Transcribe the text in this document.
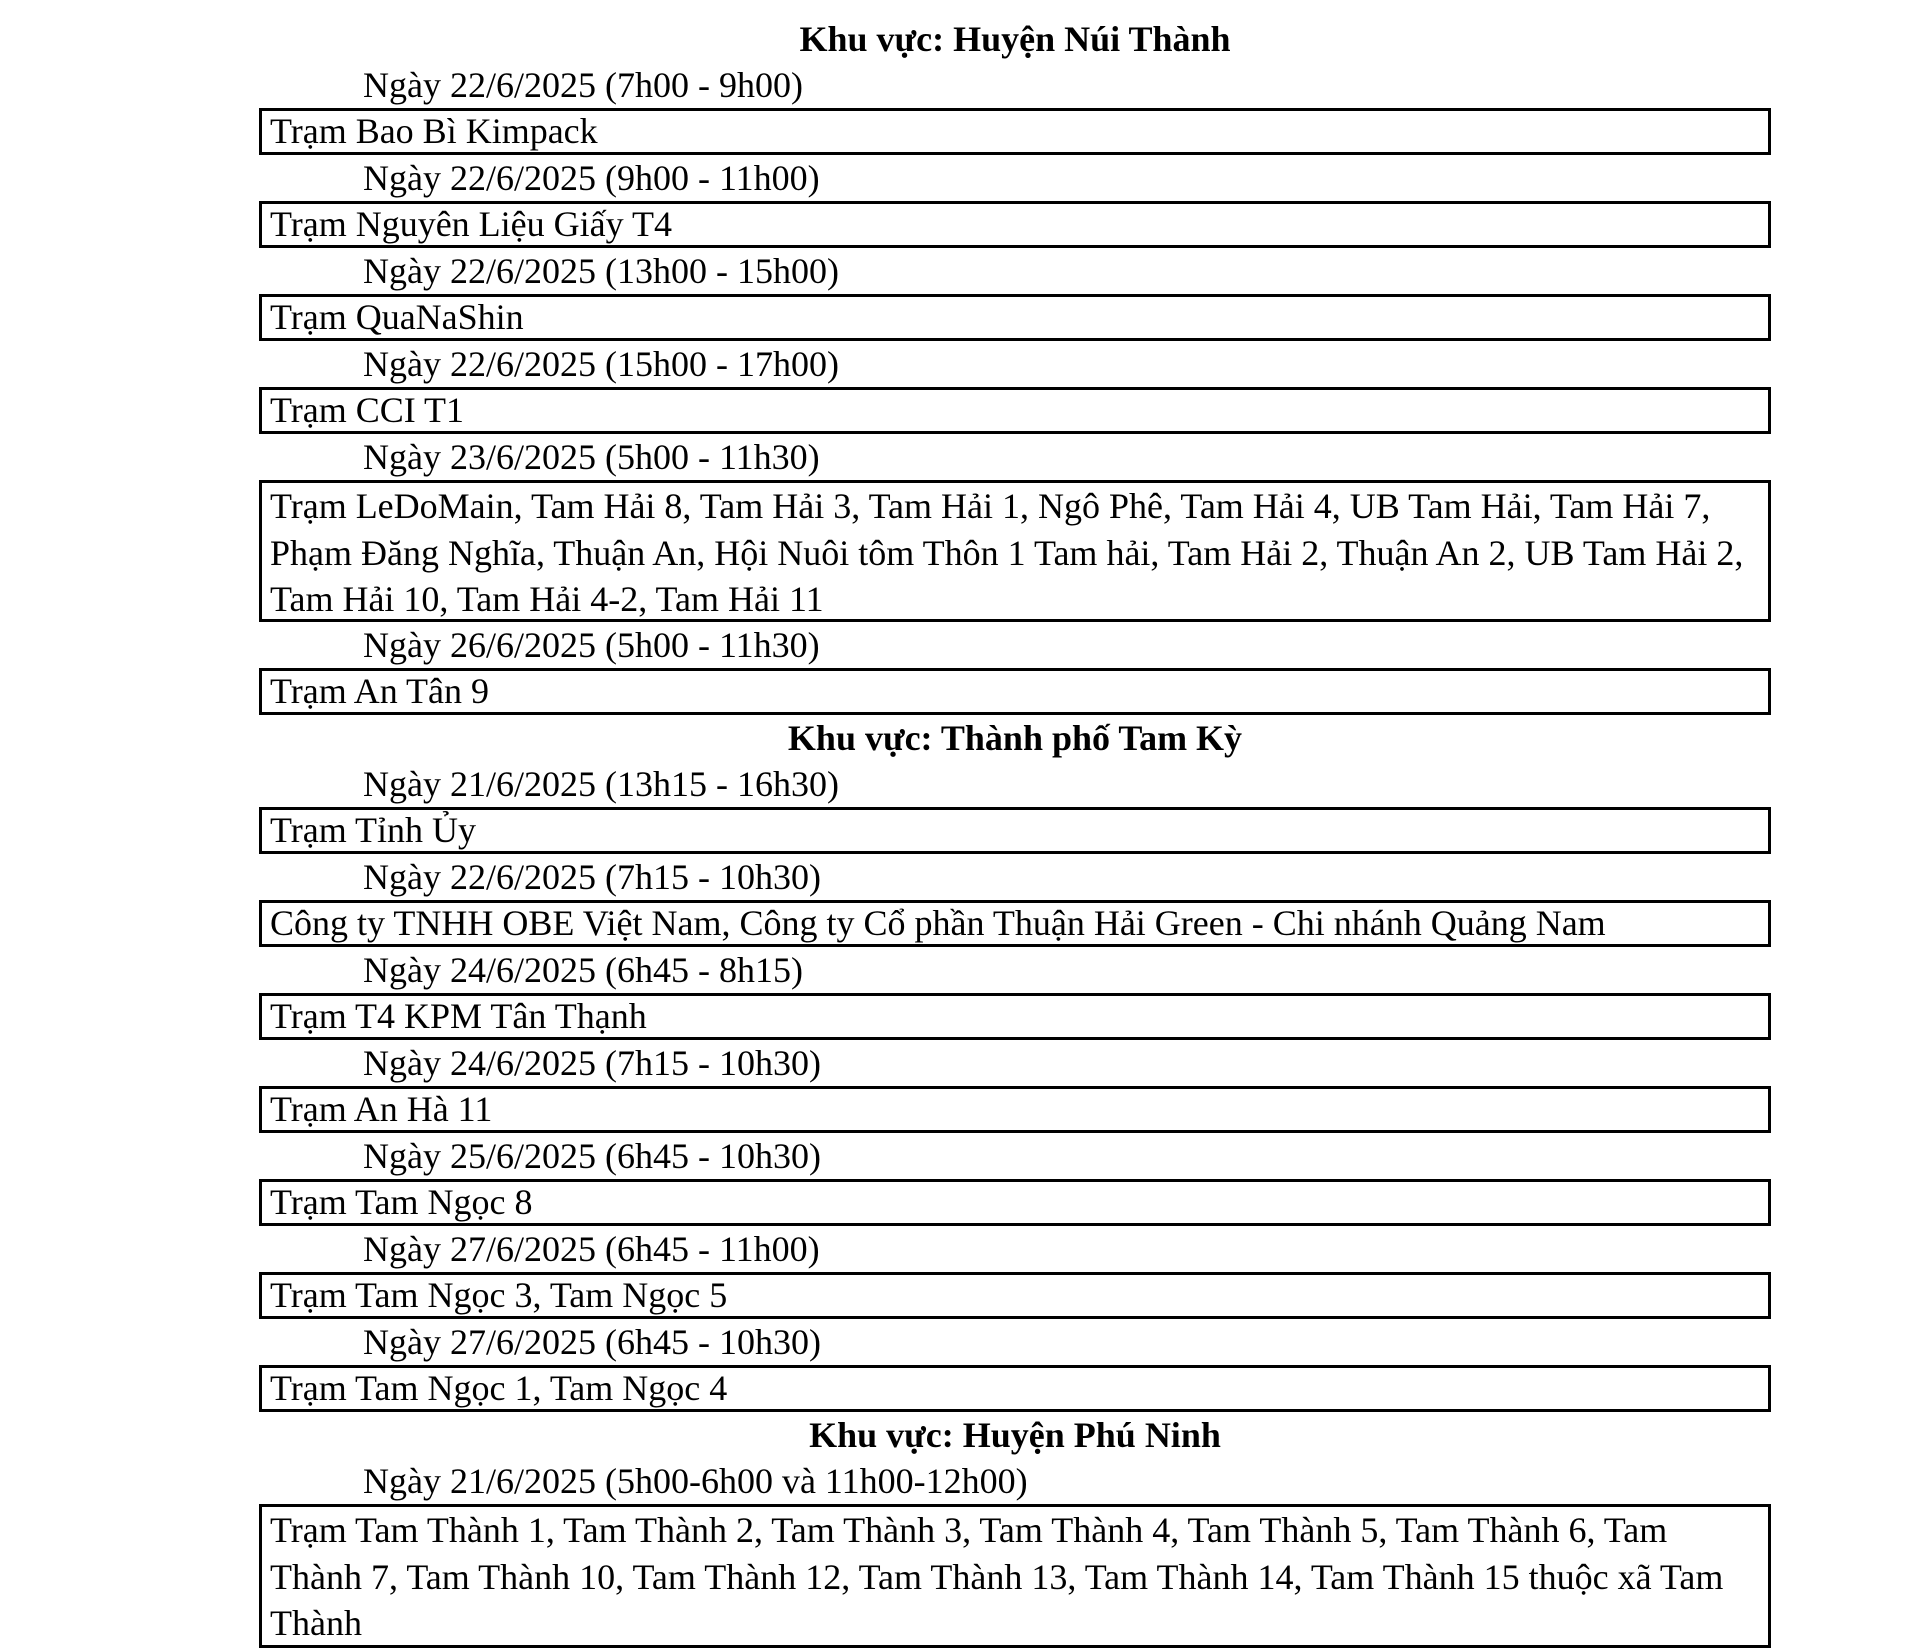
Khu vực: Huyện Núi Thành
Ngày 22/6/2025 (7h00 - 9h00)
Trạm Bao Bì Kimpack
Ngày 22/6/2025 (9h00 - 11h00)
Trạm Nguyên Liệu Giấy T4
Ngày 22/6/2025 (13h00 - 15h00)
Trạm QuaNaShin
Ngày 22/6/2025 (15h00 - 17h00)
Trạm CCI T1
Ngày 23/6/2025 (5h00 - 11h30)
Trạm LeDoMain, Tam Hải 8, Tam Hải 3, Tam Hải 1, Ngô Phê, Tam Hải 4, UB Tam Hải, Tam Hải 7, Phạm Đăng Nghĩa, Thuận An, Hội Nuôi tôm Thôn 1 Tam hải, Tam Hải 2, Thuận An 2, UB Tam Hải 2, Tam Hải 10, Tam Hải 4-2, Tam Hải 11
Ngày 26/6/2025 (5h00 - 11h30)
Trạm An Tân 9
Khu vực: Thành phố Tam Kỳ
Ngày 21/6/2025 (13h15 - 16h30)
Trạm Tỉnh Ủy
Ngày 22/6/2025 (7h15 - 10h30)
Công ty TNHH OBE Việt Nam, Công ty Cổ phần Thuận Hải Green - Chi nhánh Quảng Nam
Ngày 24/6/2025 (6h45 - 8h15)
Trạm T4 KPM Tân Thạnh
Ngày 24/6/2025 (7h15 - 10h30)
Trạm An Hà 11
Ngày 25/6/2025 (6h45 - 10h30)
Trạm Tam Ngọc 8
Ngày 27/6/2025 (6h45 - 11h00)
Trạm Tam Ngọc 3, Tam Ngọc 5
Ngày 27/6/2025 (6h45 - 10h30)
Trạm Tam Ngọc 1, Tam Ngọc 4
Khu vực: Huyện Phú Ninh
Ngày 21/6/2025 (5h00-6h00 và 11h00-12h00)
Trạm Tam Thành 1, Tam Thành 2, Tam Thành 3, Tam Thành 4, Tam Thành 5, Tam Thành 6, Tam Thành 7, Tam Thành 10, Tam Thành 12, Tam Thành 13, Tam Thành 14, Tam Thành 15 thuộc xã Tam Thành
